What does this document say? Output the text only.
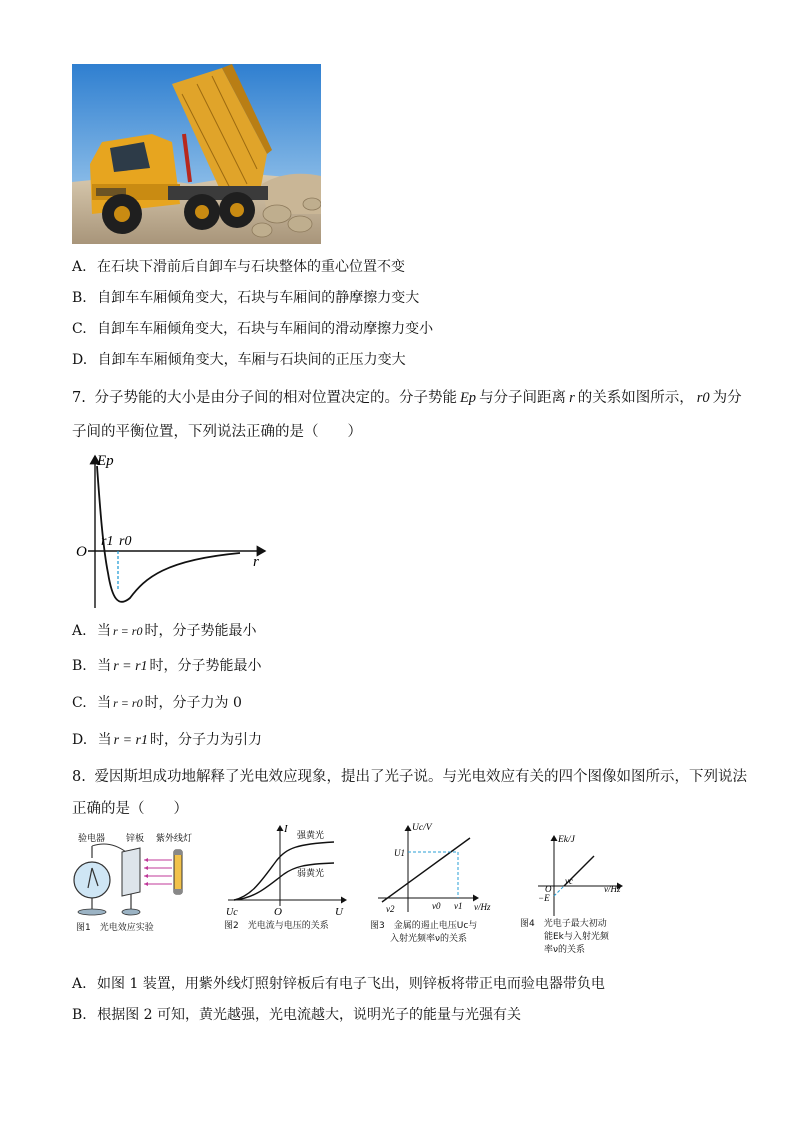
A. 在石块下滑前后自卸车与石块整体的重心位置不变
B. 自卸车车厢倾角变大，石块与车厢间的静摩擦力变大
C. 自卸车车厢倾角变大，石块与车厢间的滑动摩擦力变小
D. 自卸车车厢倾角变大，车厢与石块间的正压力变大
7. 分子势能的大小是由分子间的相对位置决定的。分子势能 Ep 与分子间距离 r 的关系如图所示， r0 为分
子间的平衡位置，下列说法正确的是（　　）
Ep
r
O
r1 r0
A. 当 r = r0 时，分子势能最小
B. 当 r = r1 时，分子势能最小
C. 当 r = r0 时，分子力为 0
D. 当 r = r1 时，分子力为引力
8. 爱因斯坦成功地解释了光电效应现象，提出了光子说。与光电效应有关的四个图像如图所示，下列说法
正确的是（　　）
验电器 锌板 紫外线灯
图1　光电效应实验
I
U
O
Uc
强黄光
弱黄光
图2　光电流与电压的关系
Uc/V
ν/Hz
U1
ν2	ν0 ν1
图3　金属的遏止电压Uc与
入射光频率ν的关系
Ek/J
ν/Hz
O
νc
−E
图4　光电子最大初动
能Ek与入射光频
率ν的关系
A. 如图 1 装置，用紫外线灯照射锌板后有电子飞出，则锌板将带正电而验电器带负电
B. 根据图 2 可知，黄光越强，光电流越大，说明光子的能量与光强有关
